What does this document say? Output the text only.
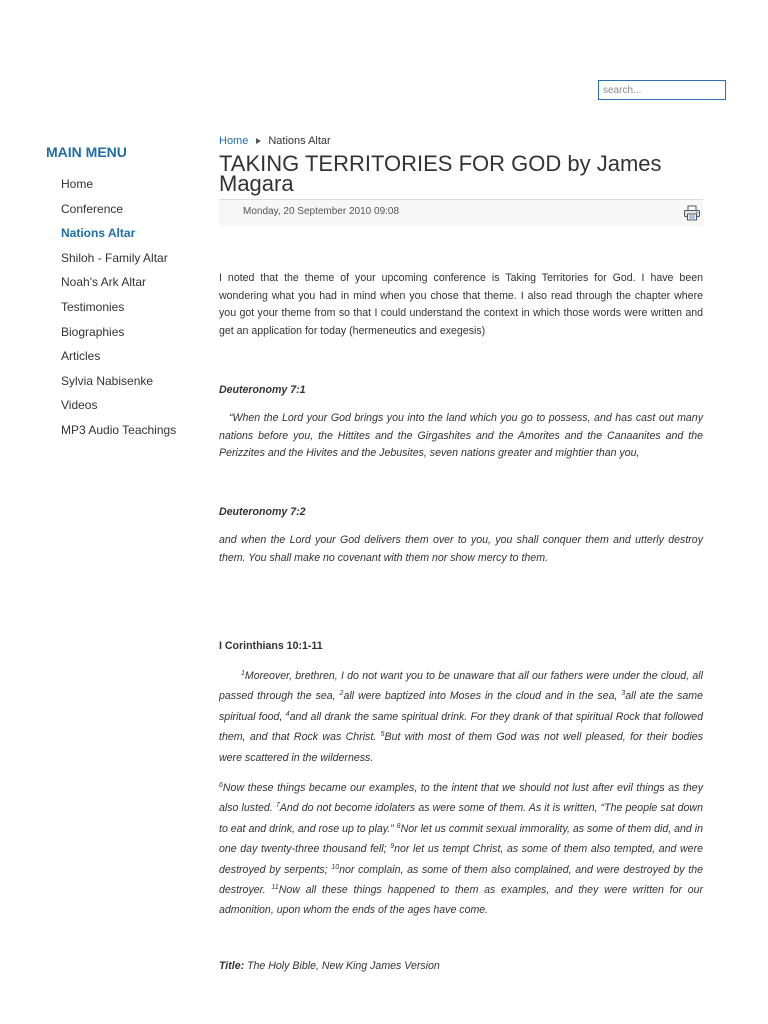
search...
MAIN MENU
Home
Conference
Nations Altar
Shiloh - Family Altar
Noah's Ark Altar
Testimonies
Biographies
Articles
Sylvia Nabisenke
Videos
MP3 Audio Teachings
Home Nations Altar
TAKING TERRITORIES FOR GOD by James Magara
Monday, 20 September 2010 09:08

I noted that the theme of your upcoming conference is Taking Territories for God. I have been wondering what you had in mind when you chose that theme. I also read through the chapter where you got your theme from so that I could understand the context in which those words were written and get an application for today (hermeneutics and exegesis)

Deuteronomy 7:1

“When the Lord your God brings you into the land which you go to possess, and has cast out many nations before you, the Hittites and the Girgashites and the Amorites and the Canaanites and the Perizzites and the Hivites and the Jebusites, seven nations greater and mightier than you,

Deuteronomy 7:2

and when the Lord your God delivers them over to you, you shall conquer them and utterly destroy them. You shall make no covenant with them nor show mercy to them.

I Corinthians 10:1-11

$^1$Moreover, brethren, I do not want you to be unaware that all our fathers were under the cloud, all passed through the sea, $^2$all were baptized into Moses in the cloud and in the sea, $^3$all ate the same spiritual food, $^4$and all drank the same spiritual drink. For they drank of that spiritual Rock that followed them, and that Rock was Christ. $^5$But with most of them God was not well pleased, for their bodies were scattered in the wilderness.

$^6$Now these things became our examples, to the intent that we should not lust after evil things as they also lusted. $^7$And do not become idolaters as were some of them. As it is written, “The people sat down to eat and drink, and rose up to play.” $^8$Nor let us commit sexual immorality, as some of them did, and in one day twenty-three thousand fell; $^9$nor let us tempt Christ, as some of them also tempted, and were destroyed by serpents; $^{10}$nor complain, as some of them also complained, and were destroyed by the destroyer. $^{11}$Now all these things happened to them as examples, and they were written for our admonition, upon whom the ends of the ages have come.

Title: The Holy Bible, New King James Version
